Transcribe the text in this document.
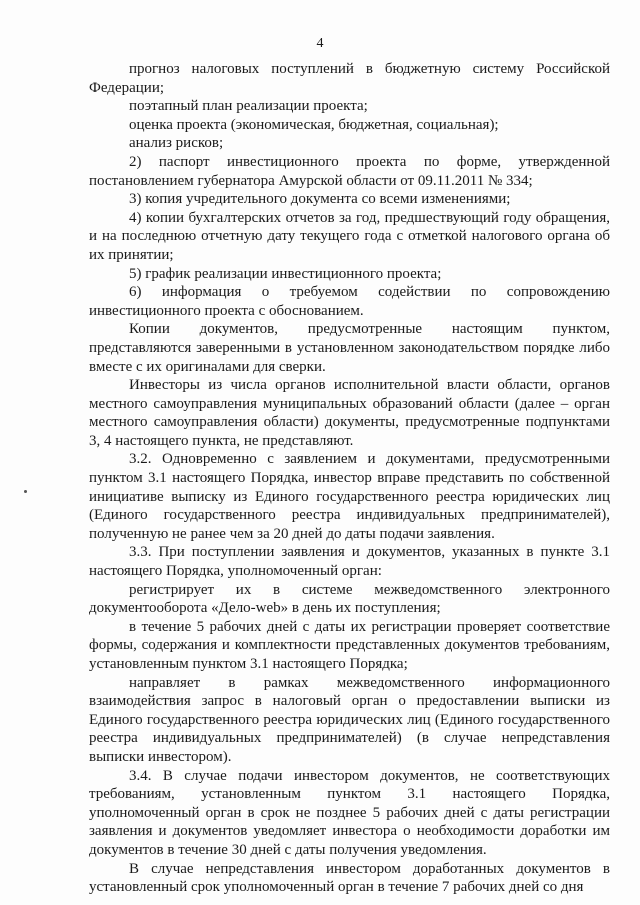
4

прогноз налоговых поступлений в бюджетную систему Российской Федерации;

поэтапный план реализации проекта;

оценка проекта (экономическая, бюджетная, социальная);

анализ рисков;

2) паспорт инвестиционного проекта по форме, утвержденной постановлением губернатора Амурской области от 09.11.2011 № 334;

3) копия учредительного документа со всеми изменениями;

4) копии бухгалтерских отчетов за год, предшествующий году обращения, и на последнюю отчетную дату текущего года с отметкой налогового органа об их принятии;

5) график реализации инвестиционного проекта;

6) информация о требуемом содействии по сопровождению инвестиционного проекта с обоснованием.

Копии документов, предусмотренные настоящим пунктом, представляются заверенными в установленном законодательством порядке либо вместе с их оригиналами для сверки.

Инвесторы из числа органов исполнительной власти области, органов местного самоуправления муниципальных образований области (далее – орган местного самоуправления области) документы, предусмотренные подпунктами 3, 4 настоящего пункта, не представляют.

3.2. Одновременно с заявлением и документами, предусмотренными пунктом 3.1 настоящего Порядка, инвестор вправе представить по собственной инициативе выписку из Единого государственного реестра юридических лиц (Единого государственного реестра индивидуальных предпринимателей), полученную не ранее чем за 20 дней до даты подачи заявления.

3.3. При поступлении заявления и документов, указанных в пункте 3.1 настоящего Порядка, уполномоченный орган:

регистрирует их в системе межведомственного электронного документооборота «Дело-web» в день их поступления;

в течение 5 рабочих дней с даты их регистрации проверяет соответствие формы, содержания и комплектности представленных документов требованиям, установленным пунктом 3.1 настоящего Порядка;

направляет в рамках межведомственного информационного взаимодействия запрос в налоговый орган о предоставлении выписки из Единого государственного реестра юридических лиц (Единого государственного реестра индивидуальных предпринимателей) (в случае непредставления выписки инвестором).

3.4. В случае подачи инвестором документов, не соответствующих требованиям, установленным пунктом 3.1 настоящего Порядка, уполномоченный орган в срок не позднее 5 рабочих дней с даты регистрации заявления и документов уведомляет инвестора о необходимости доработки им документов в течение 30 дней с даты получения уведомления.

В случае непредставления инвестором доработанных документов в установленный срок уполномоченный орган в течение 7 рабочих дней со дня
